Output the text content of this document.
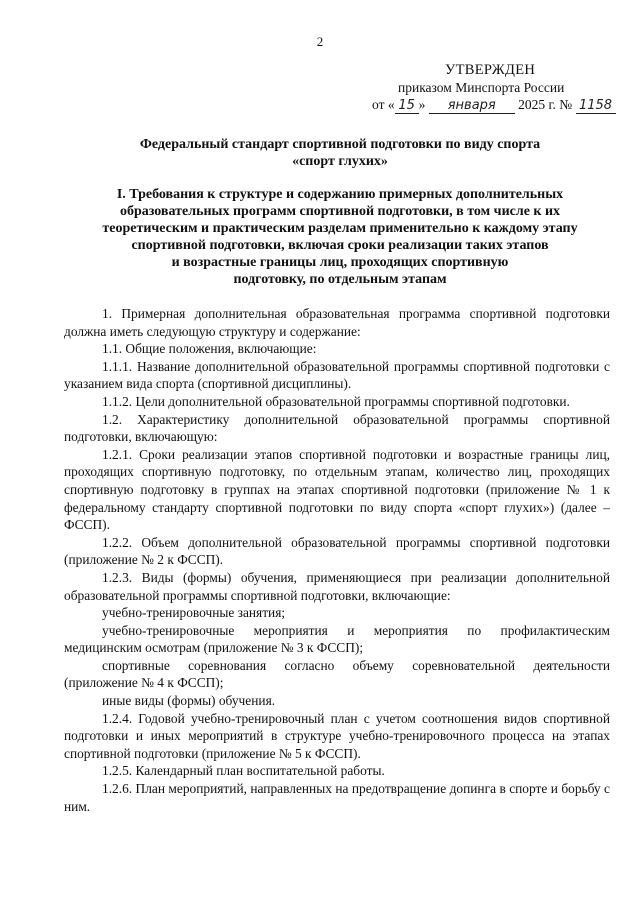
2
УТВЕРЖДЕН
приказом Минспорта России
от « 15 » января 2025 г. № 1158
Федеральный стандарт спортивной подготовки по виду спорта
«спорт глухих»
I. Требования к структуре и содержанию примерных дополнительных
образовательных программ спортивной подготовки, в том числе к их
теоретическим и практическим разделам применительно к каждому этапу
спортивной подготовки, включая сроки реализации таких этапов
и возрастные границы лиц, проходящих спортивную
подготовку, по отдельным этапам

1. Примерная дополнительная образовательная программа спортивной подготовки должна иметь следующую структуру и содержание:

1.1. Общие положения, включающие:

1.1.1. Название дополнительной образовательной программы спортивной подготовки с указанием вида спорта (спортивной дисциплины).

1.1.2. Цели дополнительной образовательной программы спортивной подготовки.

1.2. Характеристику дополнительной образовательной программы спортивной подготовки, включающую:

1.2.1. Сроки реализации этапов спортивной подготовки и возрастные границы лиц, проходящих спортивную подготовку, по отдельным этапам, количество лиц, проходящих спортивную подготовку в группах на этапах спортивной подготовки (приложение № 1 к федеральному стандарту спортивной подготовки по виду спорта «спорт глухих») (далее – ФССП).

1.2.2. Объем дополнительной образовательной программы спортивной подготовки (приложение № 2 к ФССП).

1.2.3. Виды (формы) обучения, применяющиеся при реализации дополнительной образовательной программы спортивной подготовки, включающие:

учебно-тренировочные занятия;

учебно-тренировочные мероприятия и мероприятия по профилактическим медицинским осмотрам (приложение № 3 к ФССП);

спортивные соревнования согласно объему соревновательной деятельности (приложение № 4 к ФССП);

иные виды (формы) обучения.

1.2.4. Годовой учебно-тренировочный план с учетом соотношения видов спортивной подготовки и иных мероприятий в структуре учебно-тренировочного процесса на этапах спортивной подготовки (приложение № 5 к ФССП).

1.2.5. Календарный план воспитательной работы.

1.2.6. План мероприятий, направленных на предотвращение допинга в спорте и борьбу с ним.
